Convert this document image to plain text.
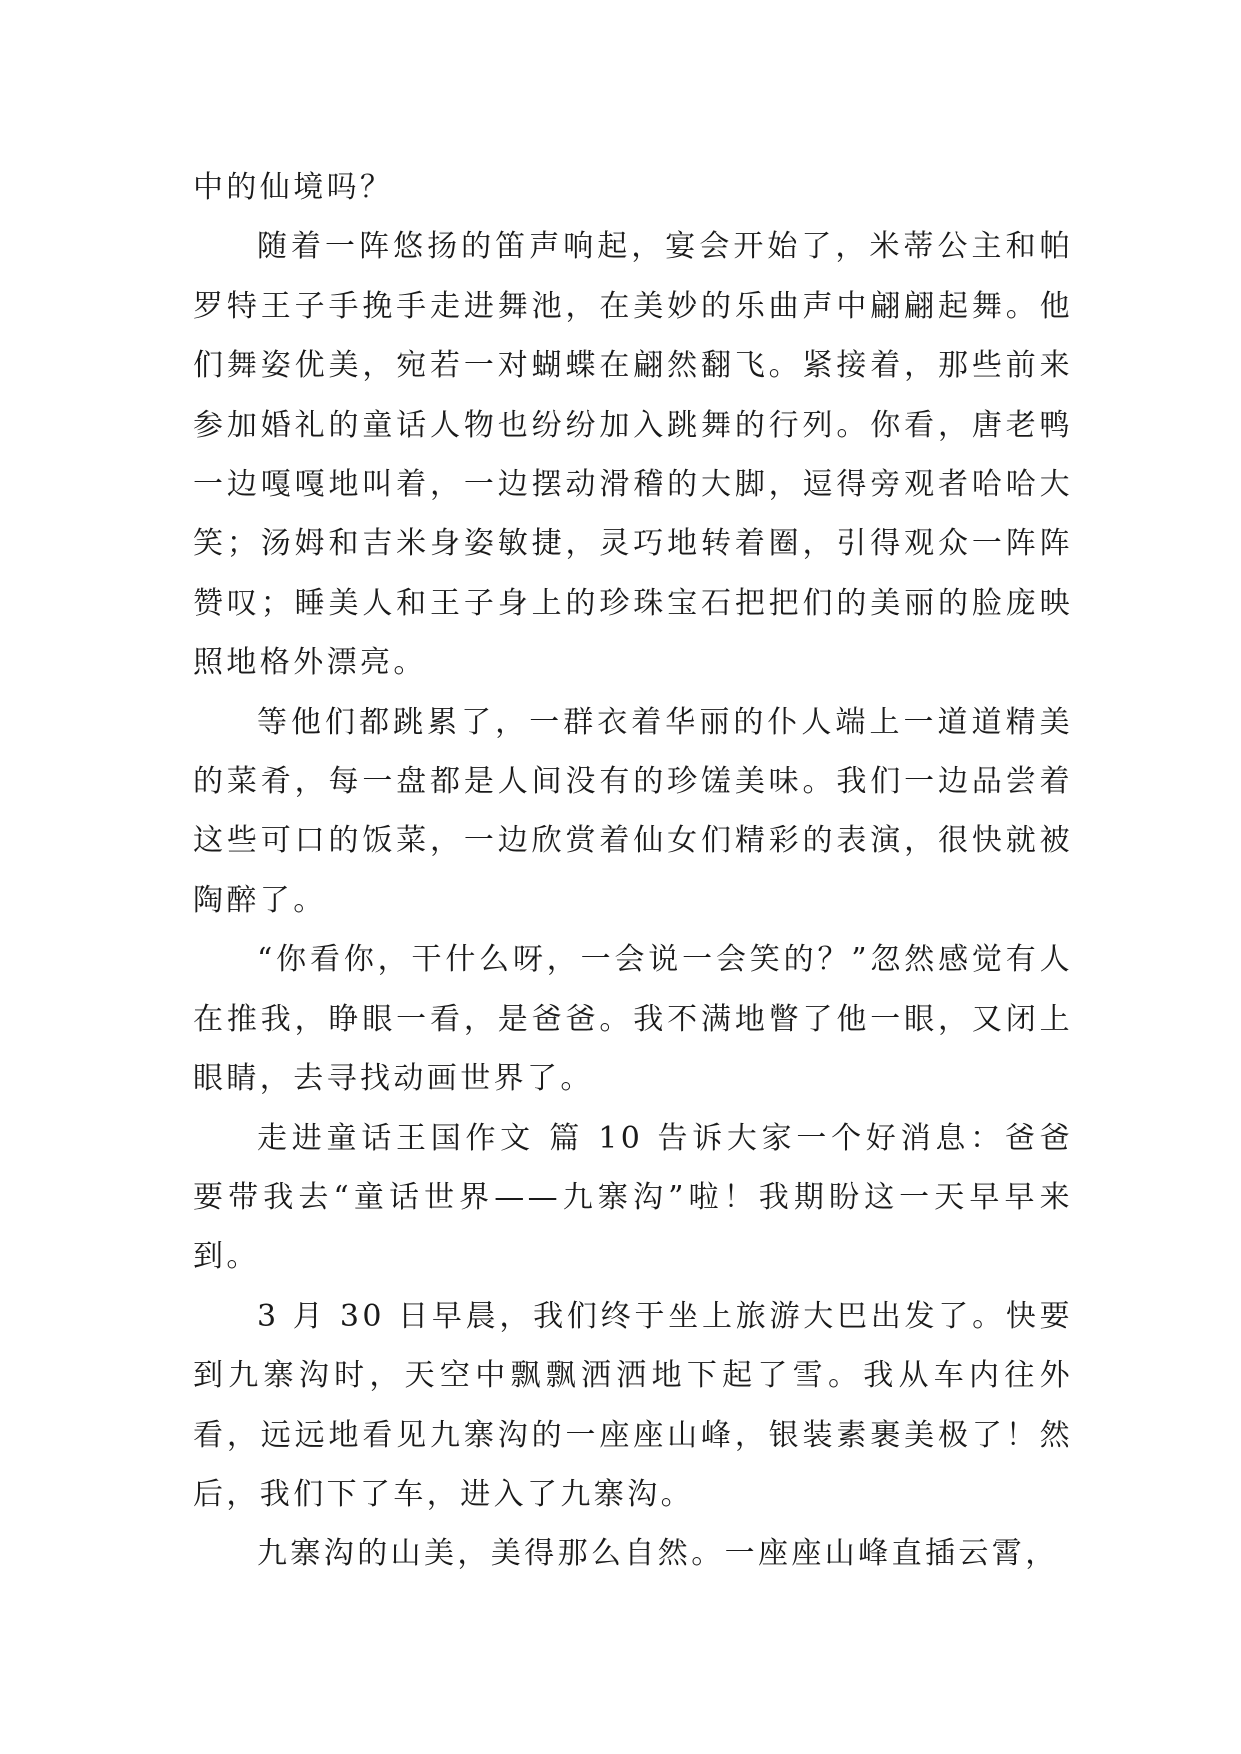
中的仙境吗？

随着一阵悠扬的笛声响起，宴会开始了，米蒂公主和帕罗特王子手挽手走进舞池，在美妙的乐曲声中翩翩起舞。他们舞姿优美，宛若一对蝴蝶在翩然翻飞。紧接着，那些前来参加婚礼的童话人物也纷纷加入跳舞的行列。你看，唐老鸭一边嘎嘎地叫着，一边摆动滑稽的大脚，逗得旁观者哈哈大笑；汤姆和吉米身姿敏捷，灵巧地转着圈，引得观众一阵阵赞叹；睡美人和王子身上的珍珠宝石把把们的美丽的脸庞映照地格外漂亮。

等他们都跳累了，一群衣着华丽的仆人端上一道道精美的菜肴，每一盘都是人间没有的珍馐美味。我们一边品尝着这些可口的饭菜，一边欣赏着仙女们精彩的表演，很快就被陶醉了。

“你看你，干什么呀，一会说一会笑的？”忽然感觉有人在推我，睁眼一看，是爸爸。我不满地瞥了他一眼，又闭上眼睛，去寻找动画世界了。

走进童话王国作文 篇 10 告诉大家一个好消息：爸爸要带我去“童话世界——九寨沟”啦！我期盼这一天早早来到。

3 月 30 日早晨，我们终于坐上旅游大巴出发了。快要到九寨沟时，天空中飘飘洒洒地下起了雪。我从车内往外看，远远地看见九寨沟的一座座山峰，银装素裹美极了！然后，我们下了车，进入了九寨沟。

九寨沟的山美，美得那么自然。一座座山峰直插云霄，
